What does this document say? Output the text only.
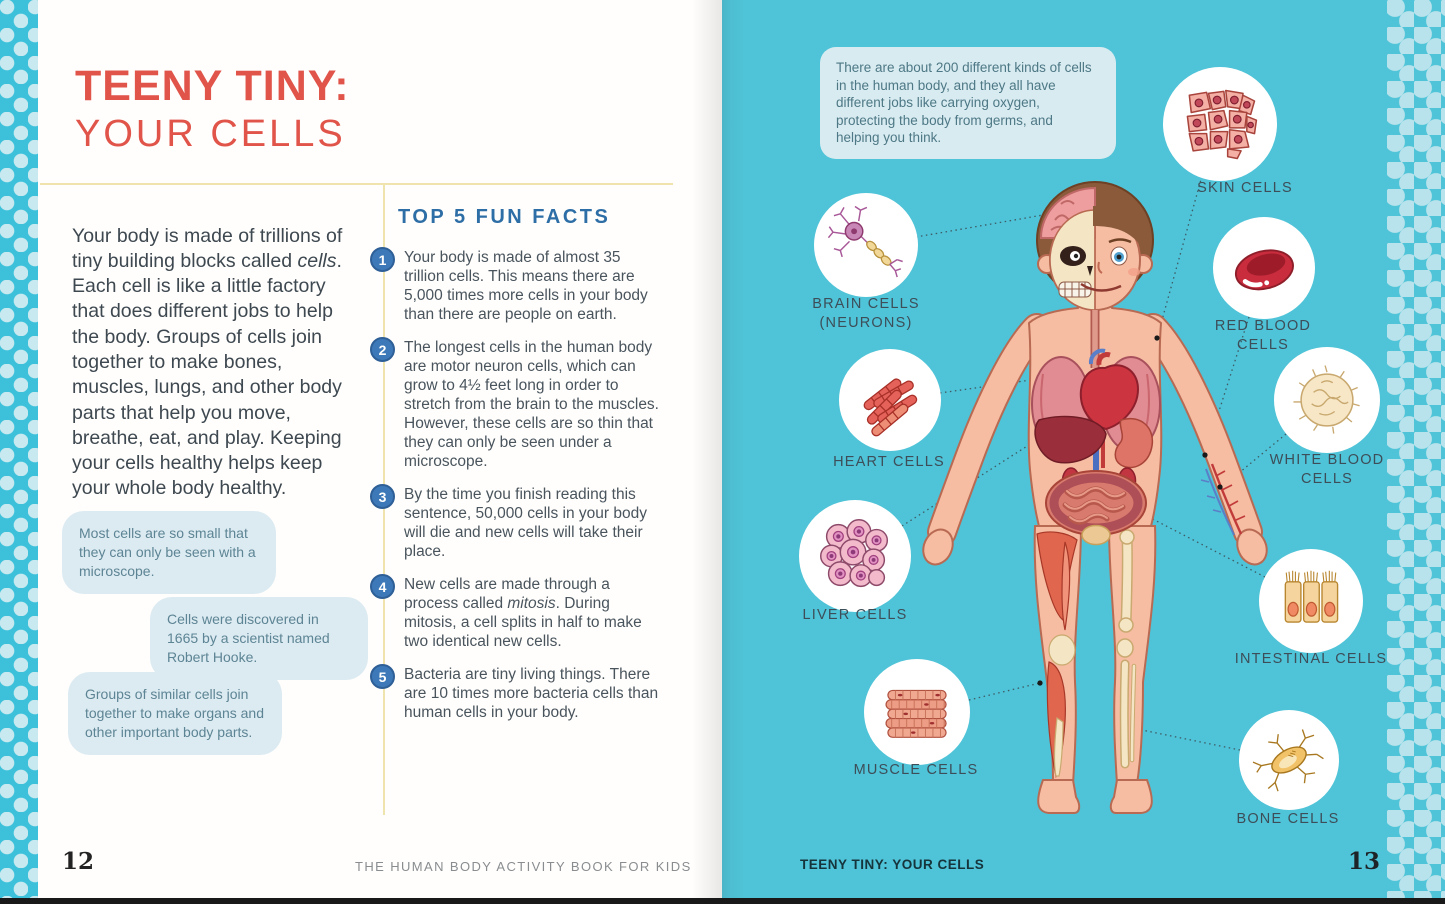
TEENY TINY:
YOUR CELLS

Your body is made of trillions of tiny building blocks called cells. Each cell is like a little factory that does different jobs to help the body. Groups of cells join together to make bones, muscles, lungs, and other body parts that help you move, breathe, eat, and play. Keeping your cells healthy helps keep your whole body healthy.

Most cells are so small that they can only be seen with a microscope.
Cells were discovered in 1665 by a scientist named Robert Hooke.
Groups of similar cells join together to make organs and other important body parts.
TOP 5 FUN FACTS
1	Your body is made of almost 35 trillion cells. This means there are 5,000 times more cells in your body than there are people on earth.

2	The longest cells in the human body are motor neuron cells, which can grow to 4½ feet long in order to stretch from the brain to the muscles. However, these cells are so thin that they can only be seen under a microscope.

3	By the time you finish reading this sentence, 50,000 cells in your body will die and new cells will take their place.

4	New cells are made through a process called mitosis. During mitosis, a cell splits in half to make two identical new cells.

5	Bacteria are tiny living things. There are 10 times more bacteria cells than human cells in your body.

12	THE HUMAN BODY ACTIVITY BOOK FOR KIDS
There are about 200 different kinds of cells in the human body, and they all have different jobs like carrying oxygen, protecting the body from germs, and helping you think.
SKIN CELLS
BRAIN CELLS
(NEURONS)	RED BLOOD
CELLS
HEART CELLS	WHITE BLOOD
CELLS
LIVER CELLS
INTESTINAL CELLS
MUSCLE CELLS
BONE CELLS
TEENY TINY: YOUR CELLS	13
